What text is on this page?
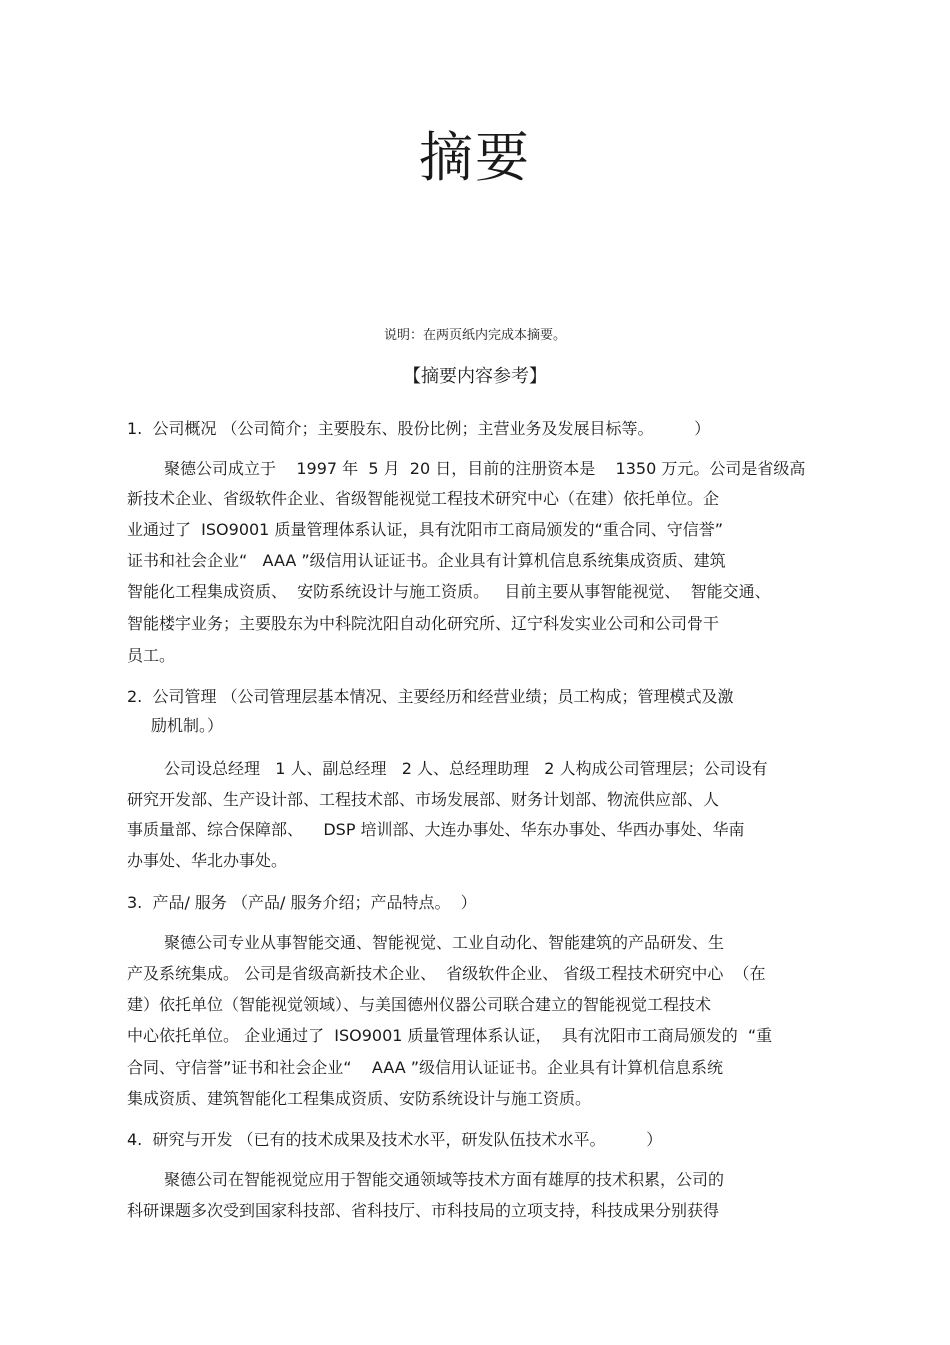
摘要
说明：在两页纸内完成本摘要。
【摘要内容参考】
1.  公司概况 （公司简介；主要股东、股份比例；主营业务及发展目标等。        ）
聚德公司成立于    1997 年  5 月  20 日，目前的注册资本是    1350 万元。公司是省级高
新技术企业、省级软件企业、省级智能视觉工程技术研究中心（在建）依托单位。企
业通过了  ISO9001 质量管理体系认证，具有沈阳市工商局颁发的“重合同、守信誉”
证书和社会企业“   AAA ”级信用认证证书。企业具有计算机信息系统集成资质、建筑
智能化工程集成资质、  安防系统设计与施工资质。   目前主要从事智能视觉、  智能交通、
智能楼宇业务；主要股东为中科院沈阳自动化研究所、辽宁科发实业公司和公司骨干
员工。
2.  公司管理 （公司管理层基本情况、主要经历和经营业绩；员工构成；管理模式及激
励机制。）
公司设总经理   1 人、副总经理   2 人、总经理助理   2 人构成公司管理层；公司设有
研究开发部、生产设计部、工程技术部、市场发展部、财务计划部、物流供应部、人
事质量部、综合保障部、    DSP 培训部、大连办事处、华东办事处、华西办事处、华南
办事处、华北办事处。
3.  产品/ 服务 （产品/ 服务介绍；产品特点。  ）
聚德公司专业从事智能交通、智能视觉、工业自动化、智能建筑的产品研发、生
产及系统集成。 公司是省级高新技术企业、  省级软件企业、 省级工程技术研究中心  （在
建）依托单位（智能视觉领域）、与美国德州仪器公司联合建立的智能视觉工程技术
中心依托单位。 企业通过了  ISO9001 质量管理体系认证，  具有沈阳市工商局颁发的  “重
合同、守信誉”证书和社会企业“    AAA ”级信用认证证书。企业具有计算机信息系统
集成资质、建筑智能化工程集成资质、安防系统设计与施工资质。
4.  研究与开发 （已有的技术成果及技术水平，研发队伍技术水平。        ）
聚德公司在智能视觉应用于智能交通领域等技术方面有雄厚的技术积累，公司的
科研课题多次受到国家科技部、省科技厅、市科技局的立项支持，科技成果分别获得
